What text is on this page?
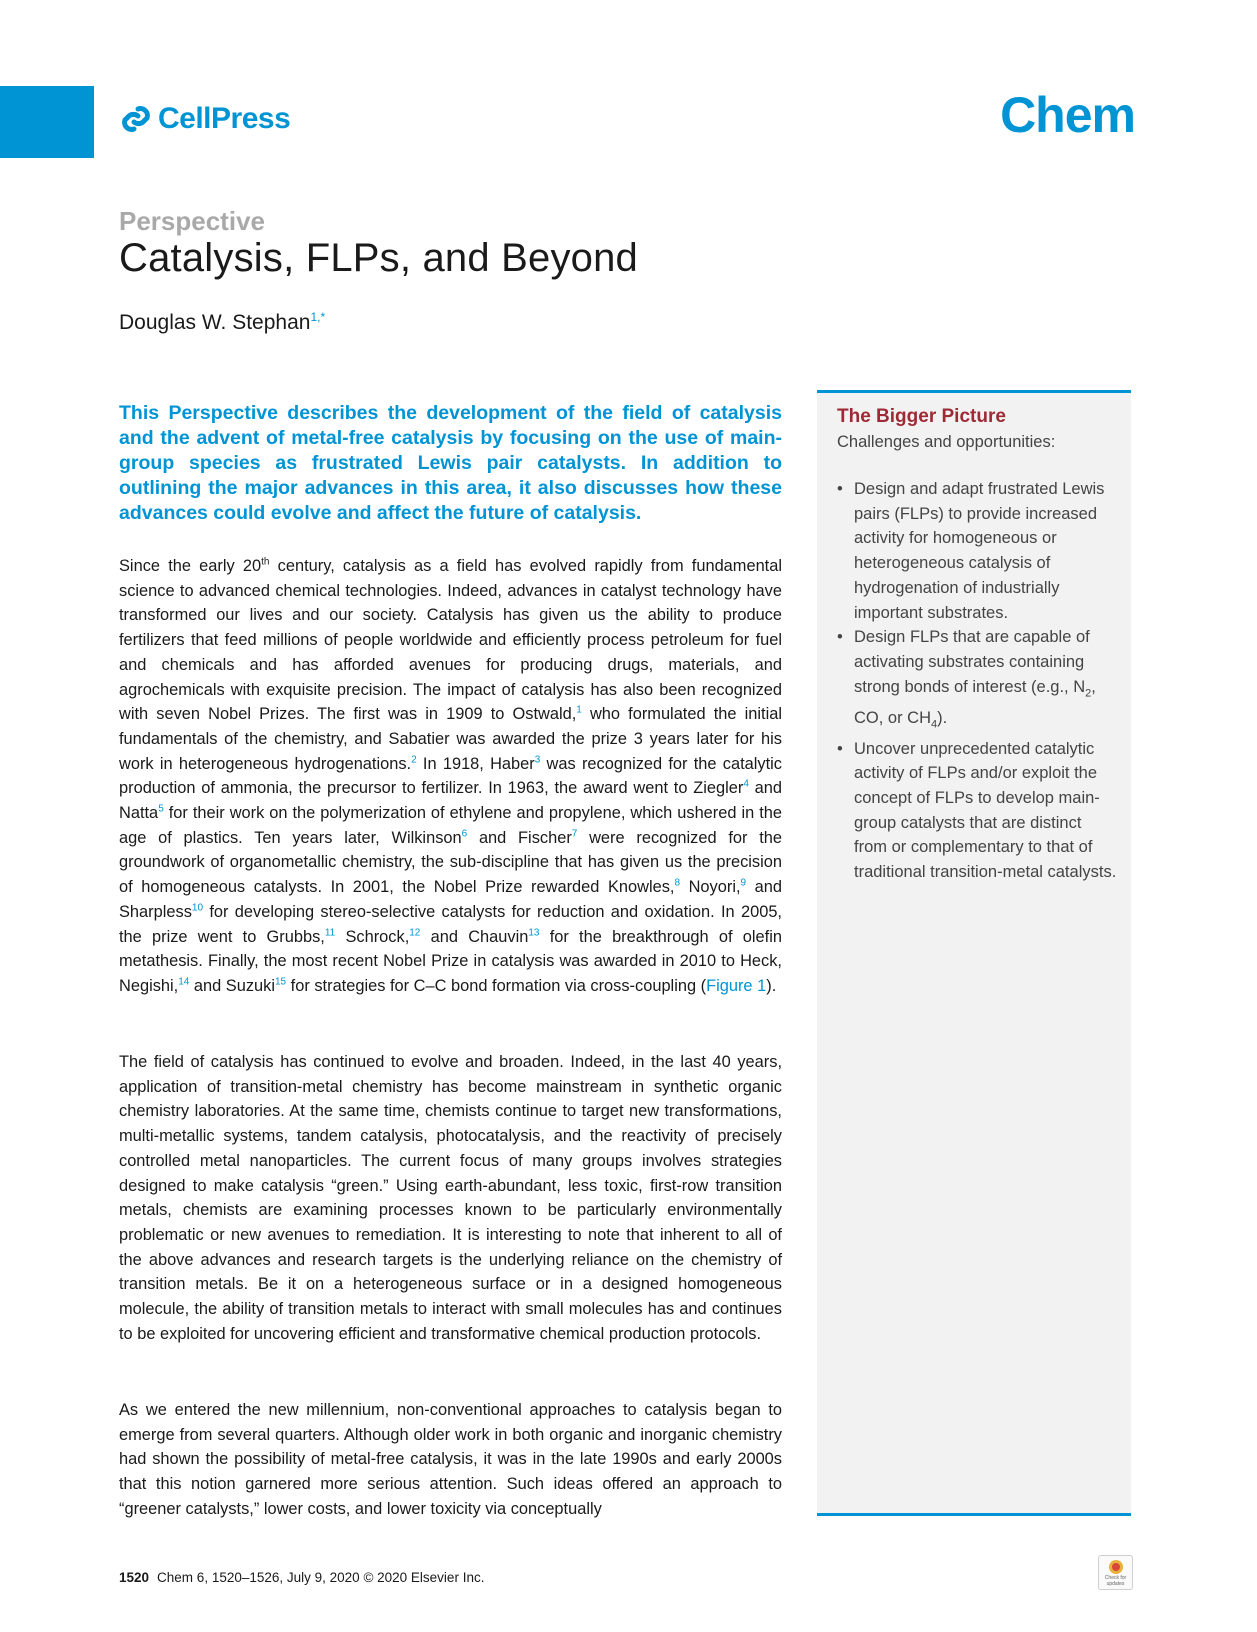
CellPress	Chem
Perspective
Catalysis, FLPs, and Beyond
Douglas W. Stephan$^{1,*}$
This Perspective describes the development of the field of catalysis and the advent of metal-free catalysis by focusing on the use of main-group species as frustrated Lewis pair catalysts. In addition to outlining the major advances in this area, it also discusses how these advances could evolve and affect the future of catalysis.

Since the early 20th century, catalysis as a field has evolved rapidly from fundamental science to advanced chemical technologies. Indeed, advances in catalyst technology have transformed our lives and our society. Catalysis has given us the ability to produce fertilizers that feed millions of people worldwide and efficiently process petroleum for fuel and chemicals and has afforded avenues for producing drugs, materials, and agrochemicals with exquisite precision. The impact of catalysis has also been recognized with seven Nobel Prizes. The first was in 1909 to Ostwald,$^1$ who formulated the initial fundamentals of the chemistry, and Sabatier was awarded the prize 3 years later for his work in heterogeneous hydrogenations.$^2$ In 1918, Haber$^3$ was recognized for the catalytic production of ammonia, the precursor to fertilizer. In 1963, the award went to Ziegler$^4$ and Natta$^5$ for their work on the polymerization of ethylene and propylene, which ushered in the age of plastics. Ten years later, Wilkinson$^6$ and Fischer$^7$ were recognized for the groundwork of organometallic chemistry, the sub-discipline that has given us the precision of homogeneous catalysts. In 2001, the Nobel Prize rewarded Knowles,$^8$ Noyori,$^9$ and Sharpless$^{10}$ for developing stereo-selective catalysts for reduction and oxidation. In 2005, the prize went to Grubbs,$^{11}$ Schrock,$^{12}$ and Chauvin$^{13}$ for the breakthrough of olefin metathesis. Finally, the most recent Nobel Prize in catalysis was awarded in 2010 to Heck, Negishi,$^{14}$ and Suzuki$^{15}$ for strategies for C–C bond formation via cross-coupling (Figure 1).

The field of catalysis has continued to evolve and broaden. Indeed, in the last 40 years, application of transition-metal chemistry has become mainstream in synthetic organic chemistry laboratories. At the same time, chemists continue to target new transformations, multi-metallic systems, tandem catalysis, photocatalysis, and the reactivity of precisely controlled metal nanoparticles. The current focus of many groups involves strategies designed to make catalysis “green.” Using earth-abundant, less toxic, first-row transition metals, chemists are examining processes known to be particularly environmentally problematic or new avenues to remediation. It is interesting to note that inherent to all of the above advances and research targets is the underlying reliance on the chemistry of transition metals. Be it on a heterogeneous surface or in a designed homogeneous molecule, the ability of transition metals to interact with small molecules has and continues to be exploited for uncovering efficient and transformative chemical production protocols.

As we entered the new millennium, non-conventional approaches to catalysis began to emerge from several quarters. Although older work in both organic and inorganic chemistry had shown the possibility of metal-free catalysis, it was in the late 1990s and early 2000s that this notion garnered more serious attention. Such ideas offered an approach to “greener catalysts,” lower costs, and lower toxicity via conceptually

The Bigger Picture
Challenges and opportunities:
• Design and adapt frustrated Lewis pairs (FLPs) to provide increased activity for homogeneous or heterogeneous catalysis of hydrogenation of industrially important substrates.
• Design FLPs that are capable of activating substrates containing strong bonds of interest (e.g., $N_2$, CO, or $CH_4$).
• Uncover unprecedented catalytic activity of FLPs and/or exploit the concept of FLPs to develop main-group catalysts that are distinct from or complementary to that of traditional transition-metal catalysts.
1520 Chem 6, 1520–1526, July 9, 2020 © 2020 Elsevier Inc.	Check for updates
